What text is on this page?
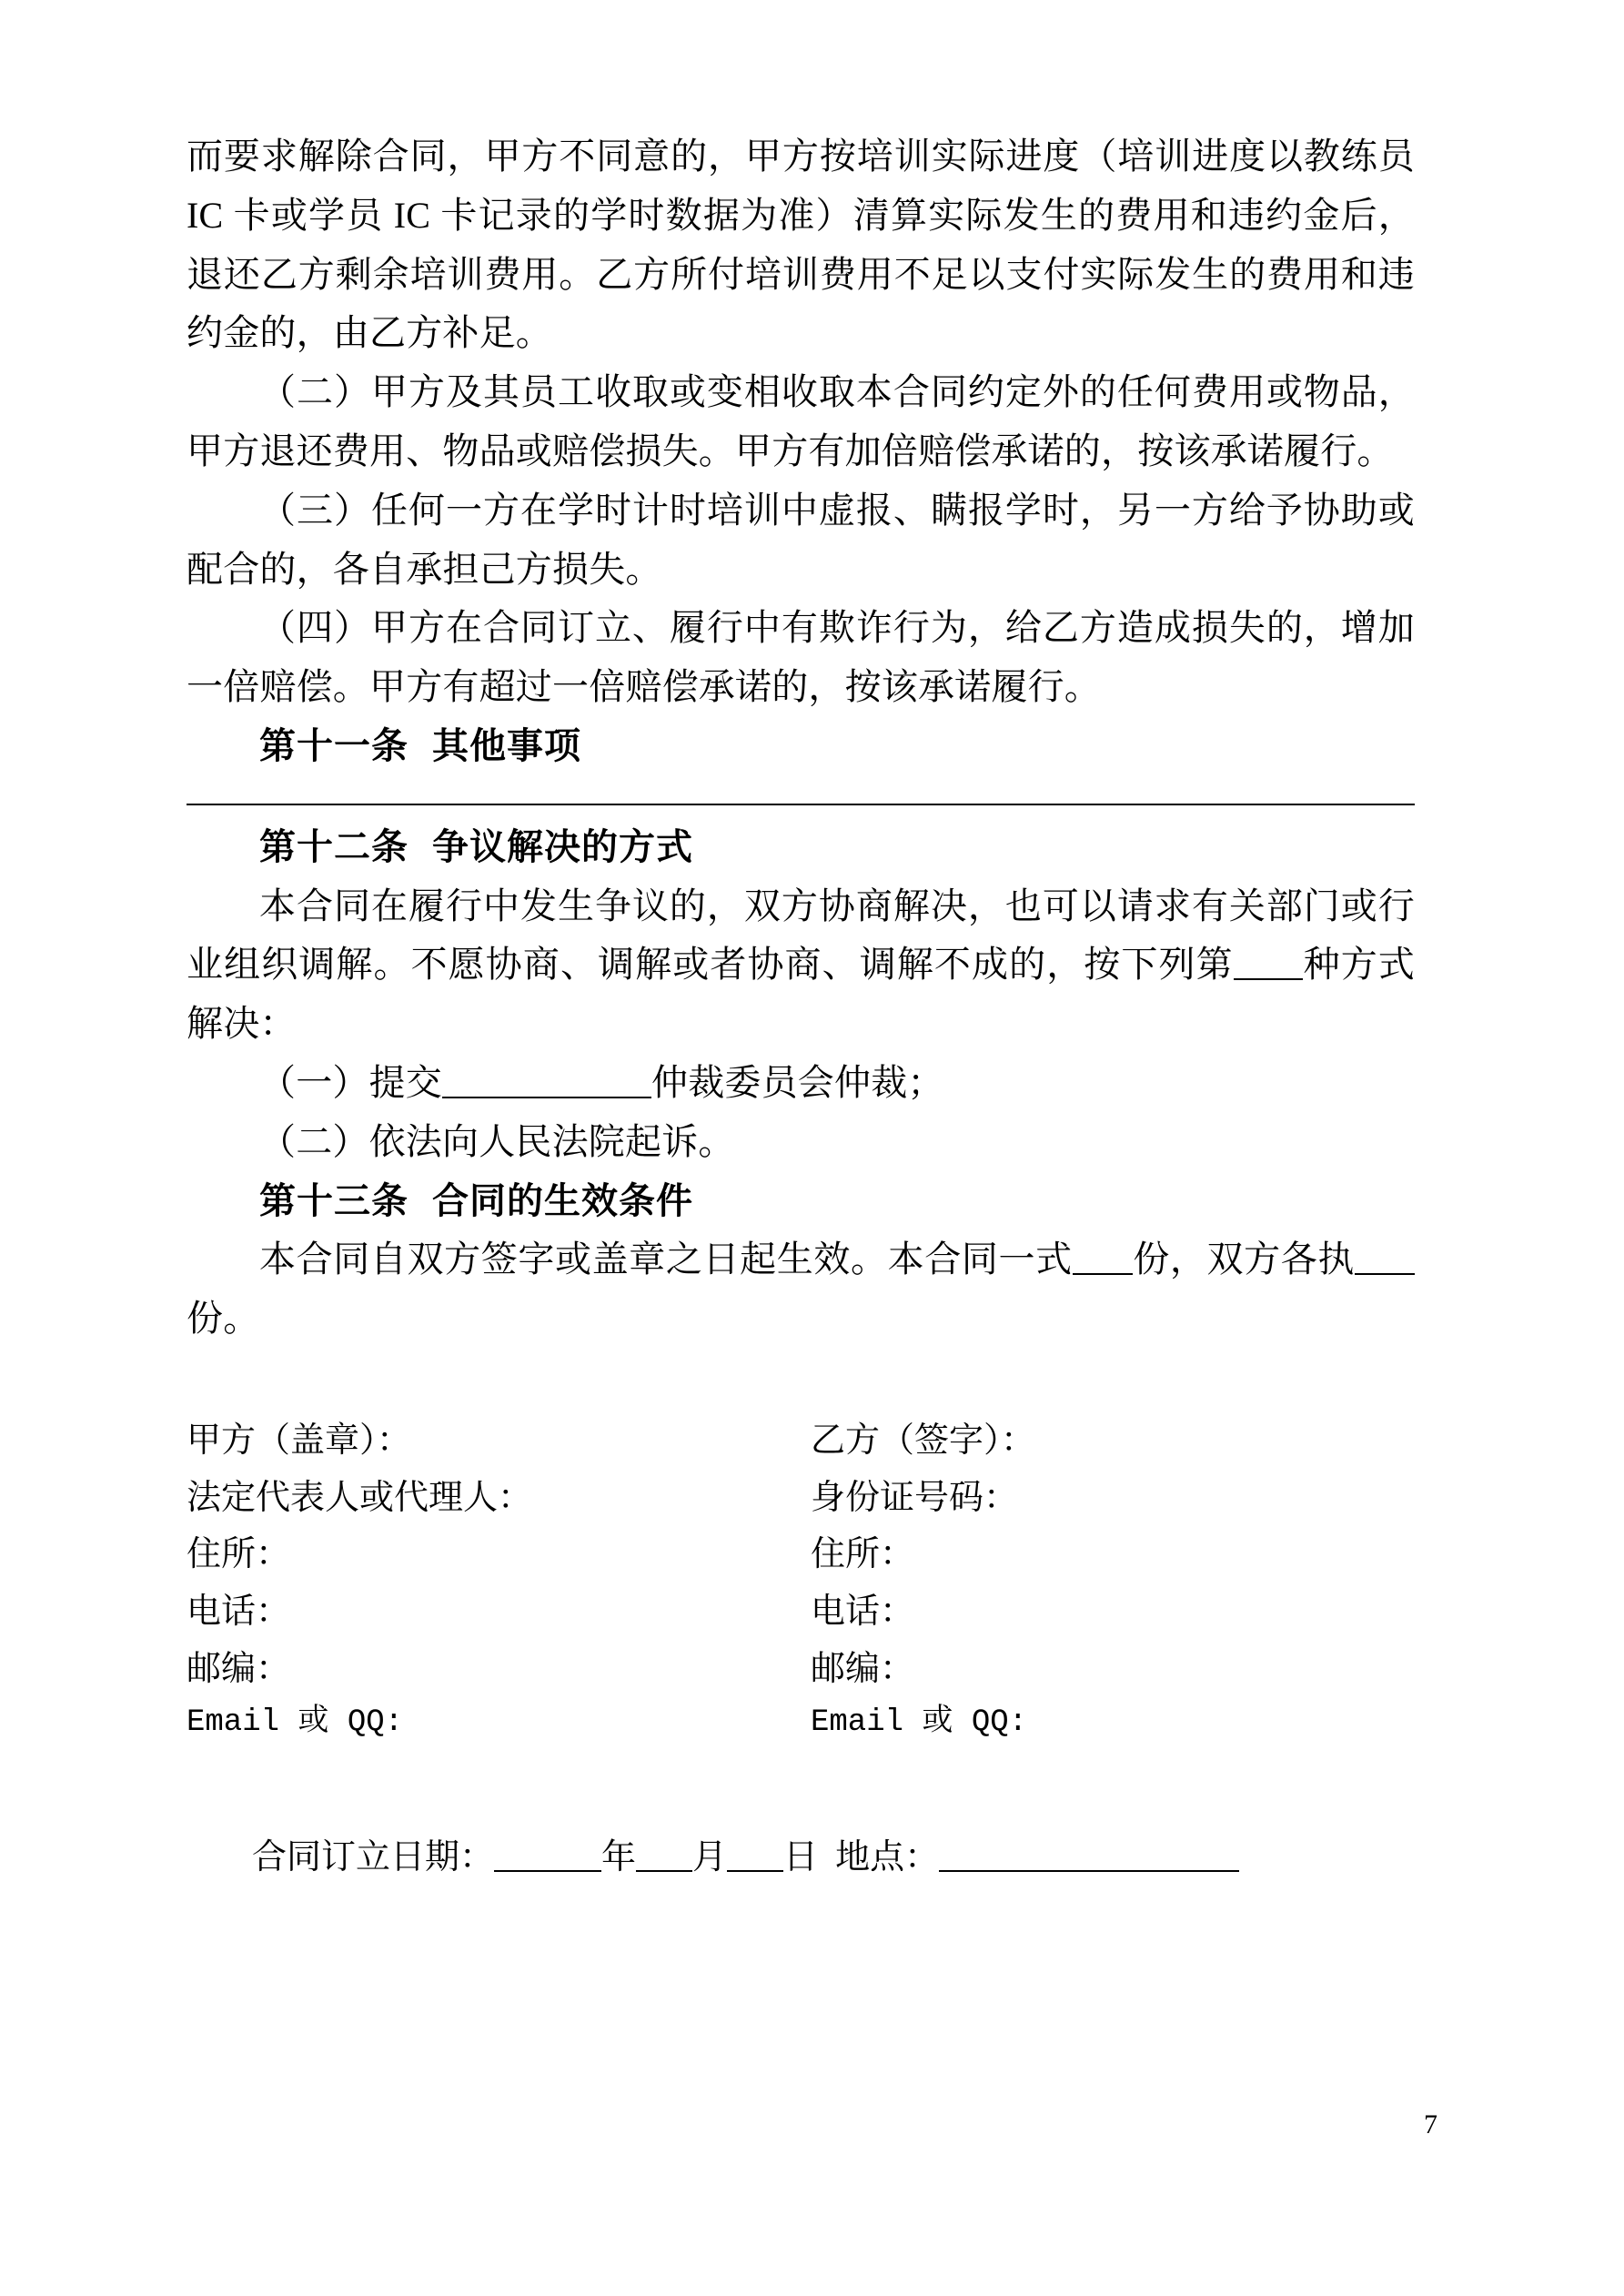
而要求解除合同，甲方不同意的，甲方按培训实际进度（培训进度以教练员 IC 卡或学员 IC 卡记录的学时数据为准）清算实际发生的费用和违约金后，退还乙方剩余培训费用。乙方所付培训费用不足以支付实际发生的费用和违约金的，由乙方补足。

（二）甲方及其员工收取或变相收取本合同约定外的任何费用或物品，甲方退还费用、物品或赔偿损失。甲方有加倍赔偿承诺的，按该承诺履行。

（三）任何一方在学时计时培训中虚报、瞒报学时，另一方给予协助或配合的，各自承担己方损失。

（四）甲方在合同订立、履行中有欺诈行为，给乙方造成损失的，增加一倍赔偿。甲方有超过一倍赔偿承诺的，按该承诺履行。

第十一条 其他事项

第十二条 争议解决的方式

本合同在履行中发生争议的，双方协商解决，也可以请求有关部门或行业组织调解。不愿协商、调解或者协商、调解不成的，按下列第 种方式解决：

（一）提交	仲裁委员会仲裁；

（二）依法向人民法院起诉。

第十三条 合同的生效条件

本合同自双方签字或盖章之日起生效。本合同一式 份，双方各执份。

甲方（盖章）：	乙方（签字）：
法定代表人或代理人：	身份证号码：
住所：	住所：
电话：	电话：
邮编：	邮编：
Email 或 QQ:	Email 或 QQ:
合同订立日期：	年 月 日 地点：
7
